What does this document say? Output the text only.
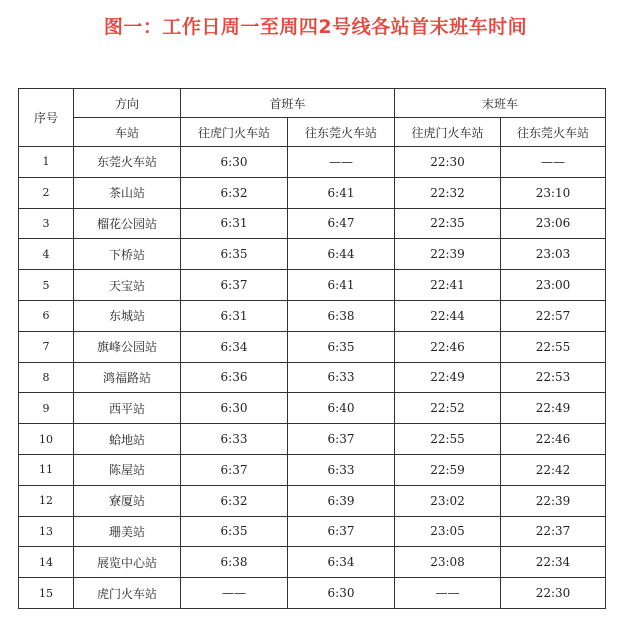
图一：工作日周一至周四2号线各站首末班车时间
序号	方向	首班车		末班车	
	车站	往虎门火车站	往东莞火车站	往虎门火车站	往东莞火车站
1	东莞火车站	6:30	——	22:30	——
2	茶山站	6:32	6:41	22:32	23:10
3	榴花公园站	6:31	6:47	22:35	23:06
4	下桥站	6:35	6:44	22:39	23:03
5	天宝站	6:37	6:41	22:41	23:00
6	东城站	6:31	6:38	22:44	22:57
7	旗峰公园站	6:34	6:35	22:46	22:55
8	鸿福路站	6:36	6:33	22:49	22:53
9	西平站	6:30	6:40	22:52	22:49
10	蛤地站	6:33	6:37	22:55	22:46
11	陈屋站	6:37	6:33	22:59	22:42
12	寮厦站	6:32	6:39	23:02	22:39
13	珊美站	6:35	6:37	23:05	22:37
14	展览中心站	6:38	6:34	23:08	22:34
15	虎门火车站	——	6:30	——	22:30
